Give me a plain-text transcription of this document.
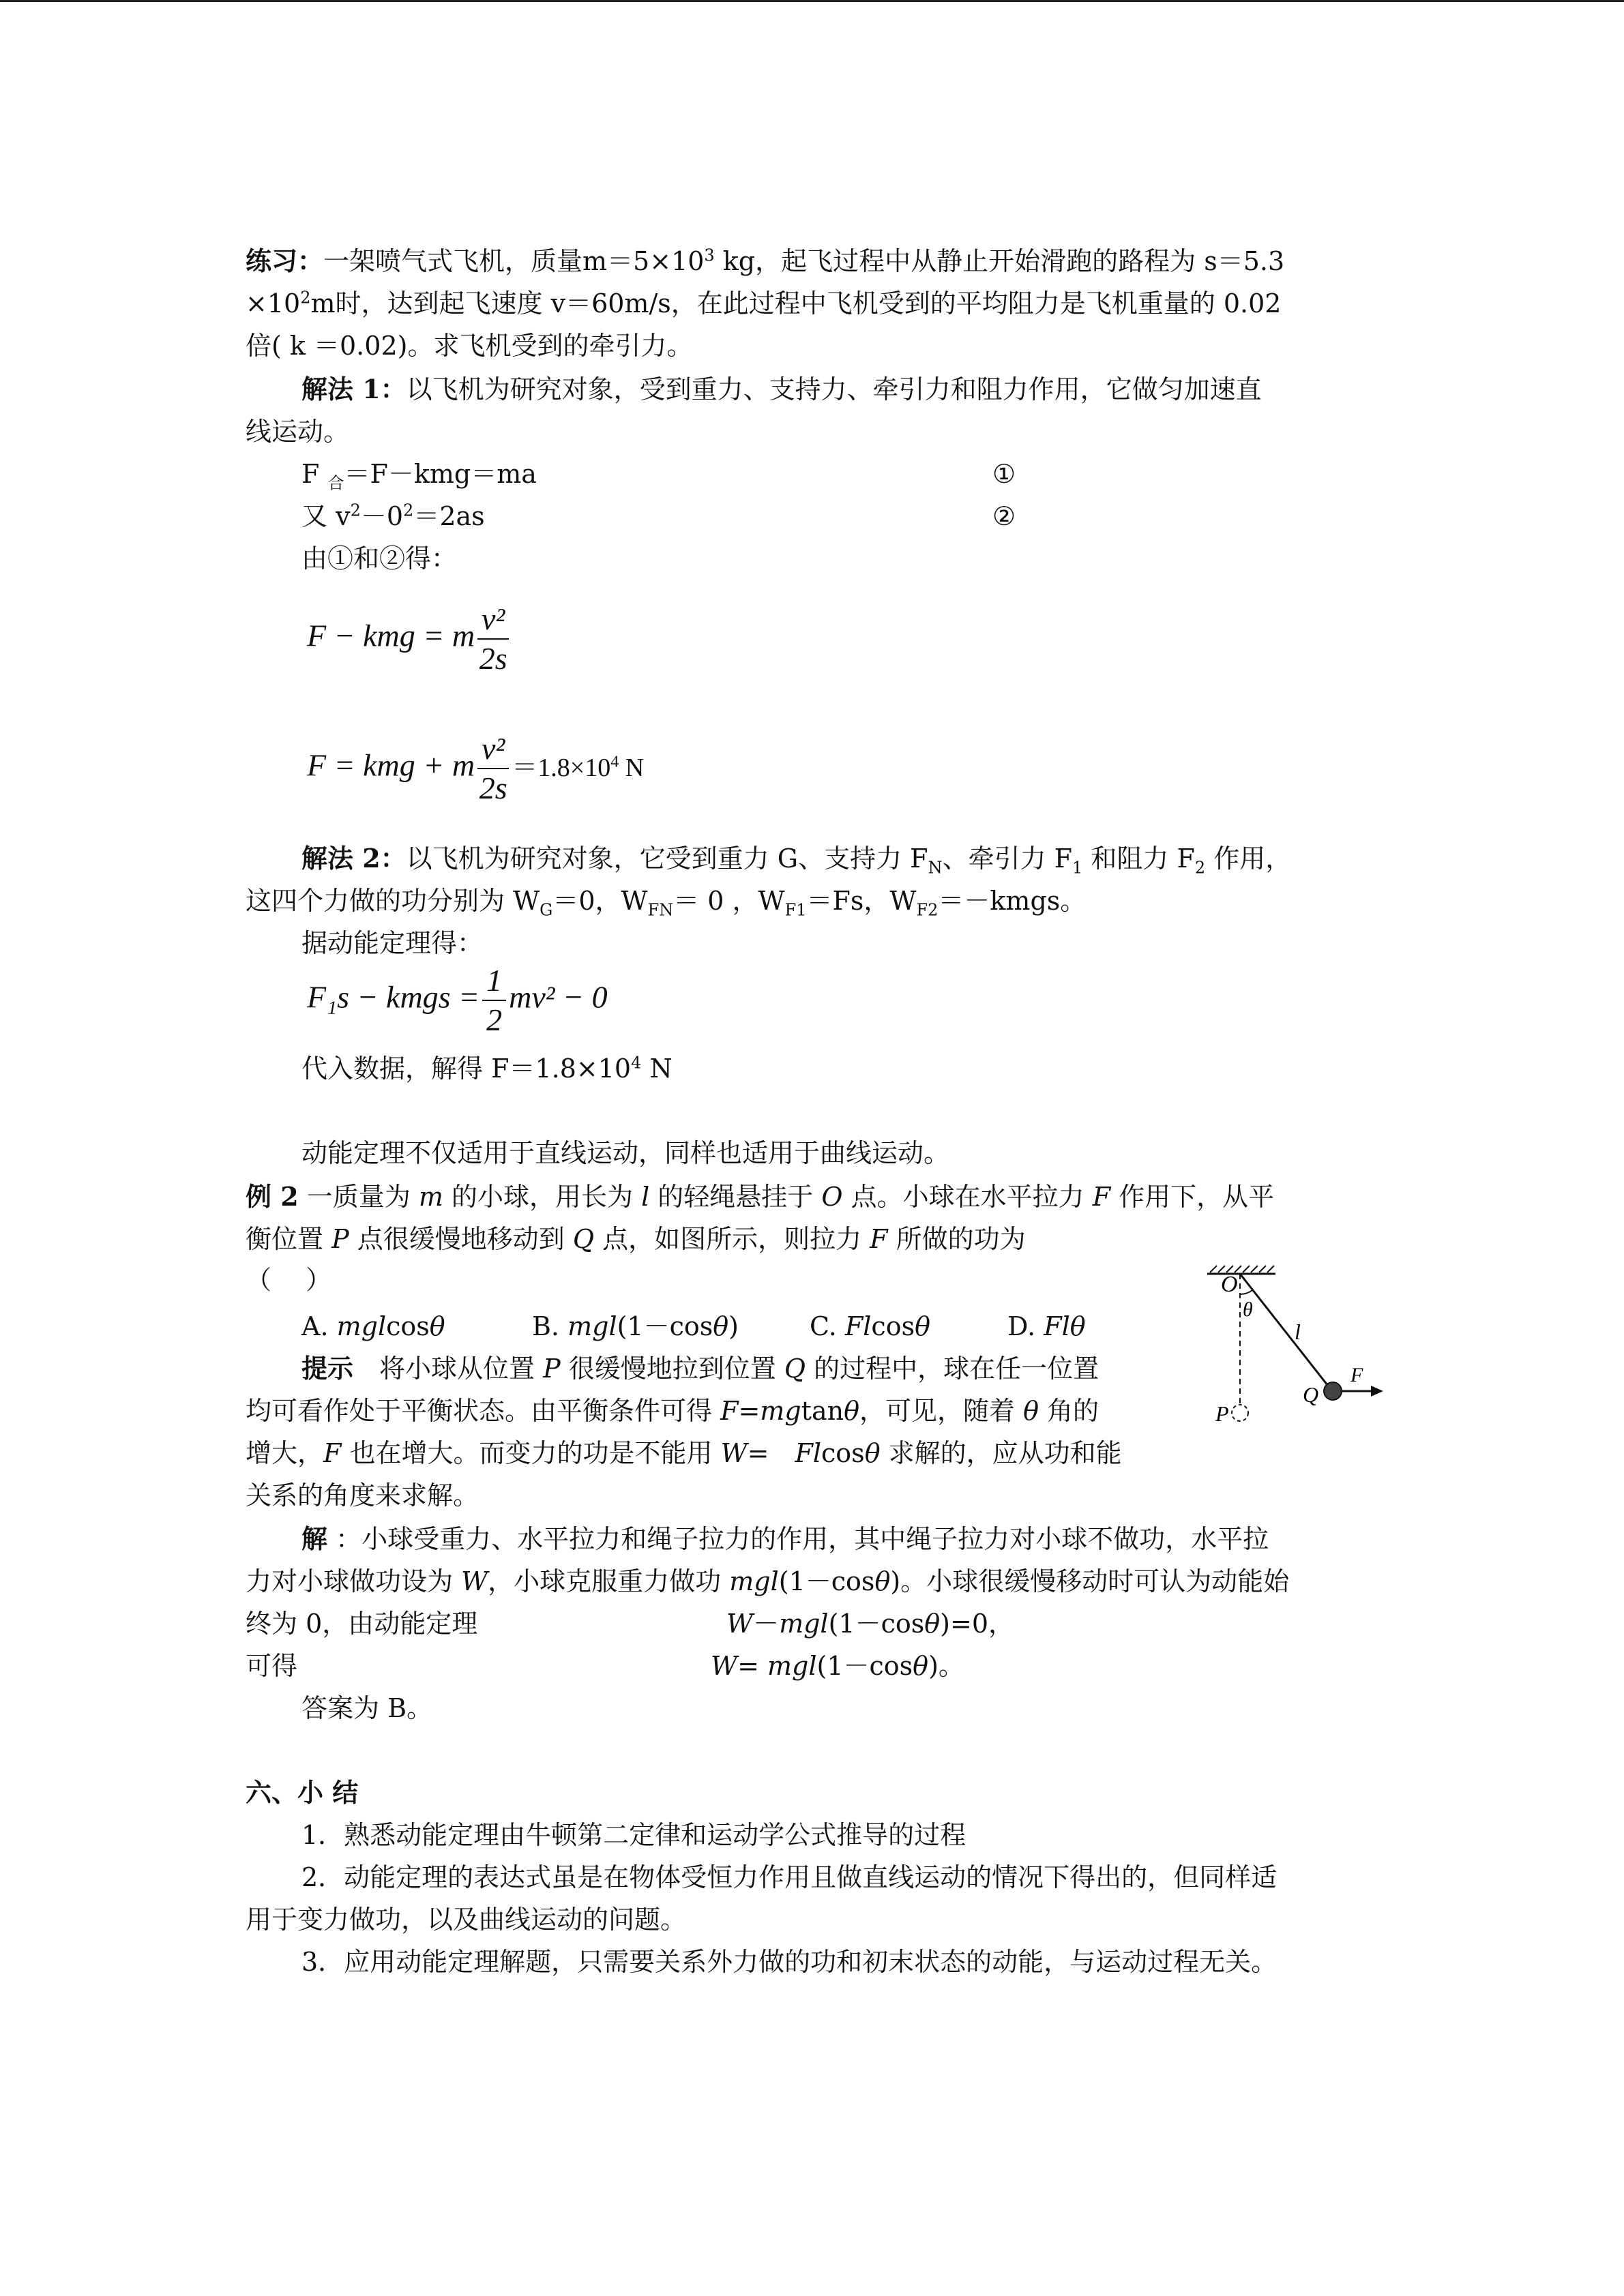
练习：一架喷气式飞机，质量$m=5\times 10^3$ kg，起飞过程中从静止开始滑跑的路程为 s＝5.3
$\times 10^2m$时，达到起飞速度 v＝60m/s，在此过程中飞机受到的平均阻力是飞机重量的 0.02
倍( k ＝0.02)。求飞机受到的牵引力。
解法 1：以飞机为研究对象，受到重力、支持力、牵引力和阻力作用，它做匀加速直
线运动。
F $_合$＝F－kmg＝ma	①
又 $v^2-0^2=2as$	②
由①和②得：
F − kmg = m $\frac{\text{v²}}{2s}$
F = kmg + m $\frac{\text{v²}}{2s} =1.8\times 10^4$ N
解法 2：以飞机为研究对象，它受到重力 G、支持力 $F_N$、牵引力 $F_1$ 和阻力 $F_2$ 作用，
这四个力做的功分别为 $W_G=0$，$W_{FN}= 0$ ，$W_{F1}=Fs$，$W_{F2}=-kmgs$。
据动能定理得：
F₁s − kmgs = $\frac{1}{2} mv^2 - 0$
代入数据，解得 $F=1.8\times 10^4$ N
动能定理不仅适用于直线运动，同样也适用于曲线运动。
例 2 一质量为 m 的小球，用长为 l 的轻绳悬挂于 O 点。小球在水平拉力 F 作用下，从平
衡位置 P 点很缓慢地移动到 Q 点，如图所示，则拉力 F 所做的功为
（　 ）
A. mglcosθ	B. mgl(1－cosθ)	C. Flcosθ	D. Flθ
提示　将小球从位置 P 很缓慢地拉到位置 Q 的过程中，球在任一位置
均可看作处于平衡状态。由平衡条件可得 F=mgtanθ，可见，随着 θ 角的
增大，F 也在增大。而变力的功是不能用 W=　 Flcosθ 求解的，应从功和能
关系的角度来求解。
解 ：小球受重力、水平拉力和绳子拉力的作用，其中绳子拉力对小球不做功，水平拉
力对小球做功设为 W，小球克服重力做功 mgl(1－cosθ)。小球很缓慢移动时可认为动能始
终为 0，由动能定理	W－mgl(1－cosθ)=0，
可得	W= mgl(1－cosθ)。
答案为 B。
六、小 结
1．熟悉动能定理由牛顿第二定律和运动学公式推导的过程
2．动能定理的表达式虽是在物体受恒力作用且做直线运动的情况下得出的，但同样适
用于变力做功，以及曲线运动的问题。
3．应用动能定理解题，只需要关系外力做的功和初末状态的动能，与运动过程无关。
O
θ
l
Q
F
P
